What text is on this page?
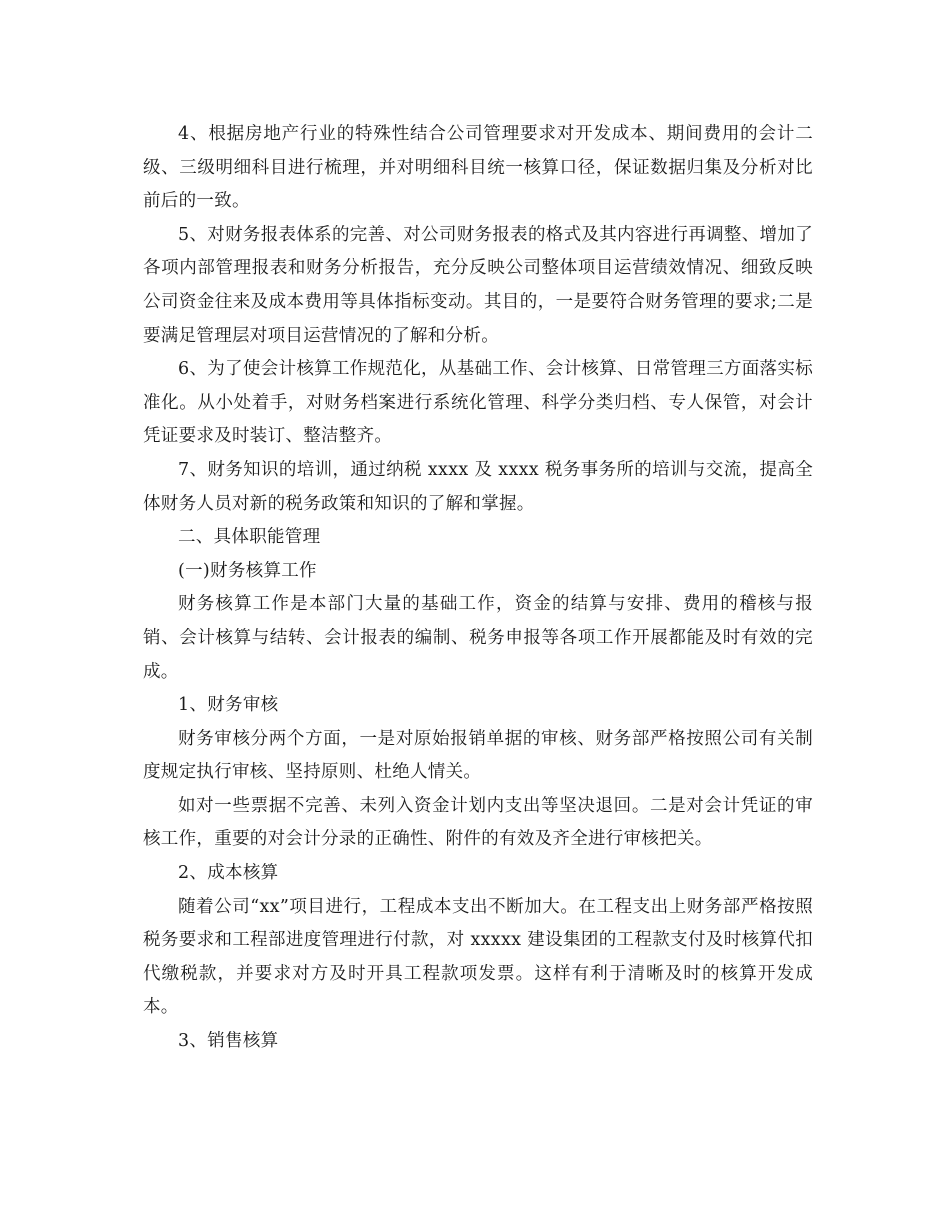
4、根据房地产行业的特殊性结合公司管理要求对开发成本、期间费用的会计二级、三级明细科目进行梳理，并对明细科目统一核算口径，保证数据归集及分析对比前后的一致。

5、对财务报表体系的完善、对公司财务报表的格式及其内容进行再调整、增加了各项内部管理报表和财务分析报告，充分反映公司整体项目运营绩效情况、细致反映公司资金往来及成本费用等具体指标变动。其目的，一是要符合财务管理的要求;二是要满足管理层对项目运营情况的了解和分析。

6、为了使会计核算工作规范化，从基础工作、会计核算、日常管理三方面落实标准化。从小处着手，对财务档案进行系统化管理、科学分类归档、专人保管，对会计凭证要求及时装订、整洁整齐。

7、财务知识的培训，通过纳税 xxxx 及 xxxx 税务事务所的培训与交流，提高全体财务人员对新的税务政策和知识的了解和掌握。

二、具体职能管理

(一)财务核算工作

财务核算工作是本部门大量的基础工作，资金的结算与安排、费用的稽核与报销、会计核算与结转、会计报表的编制、税务申报等各项工作开展都能及时有效的完成。

1、财务审核

财务审核分两个方面，一是对原始报销单据的审核、财务部严格按照公司有关制度规定执行审核、坚持原则、杜绝人情关。

如对一些票据不完善、未列入资金计划内支出等坚决退回。二是对会计凭证的审核工作，重要的对会计分录的正确性、附件的有效及齐全进行审核把关。

2、成本核算

随着公司“xx”项目进行，工程成本支出不断加大。在工程支出上财务部严格按照税务要求和工程部进度管理进行付款，对 xxxxx 建设集团的工程款支付及时核算代扣代缴税款，并要求对方及时开具工程款项发票。这样有利于清晰及时的核算开发成本。

3、销售核算
